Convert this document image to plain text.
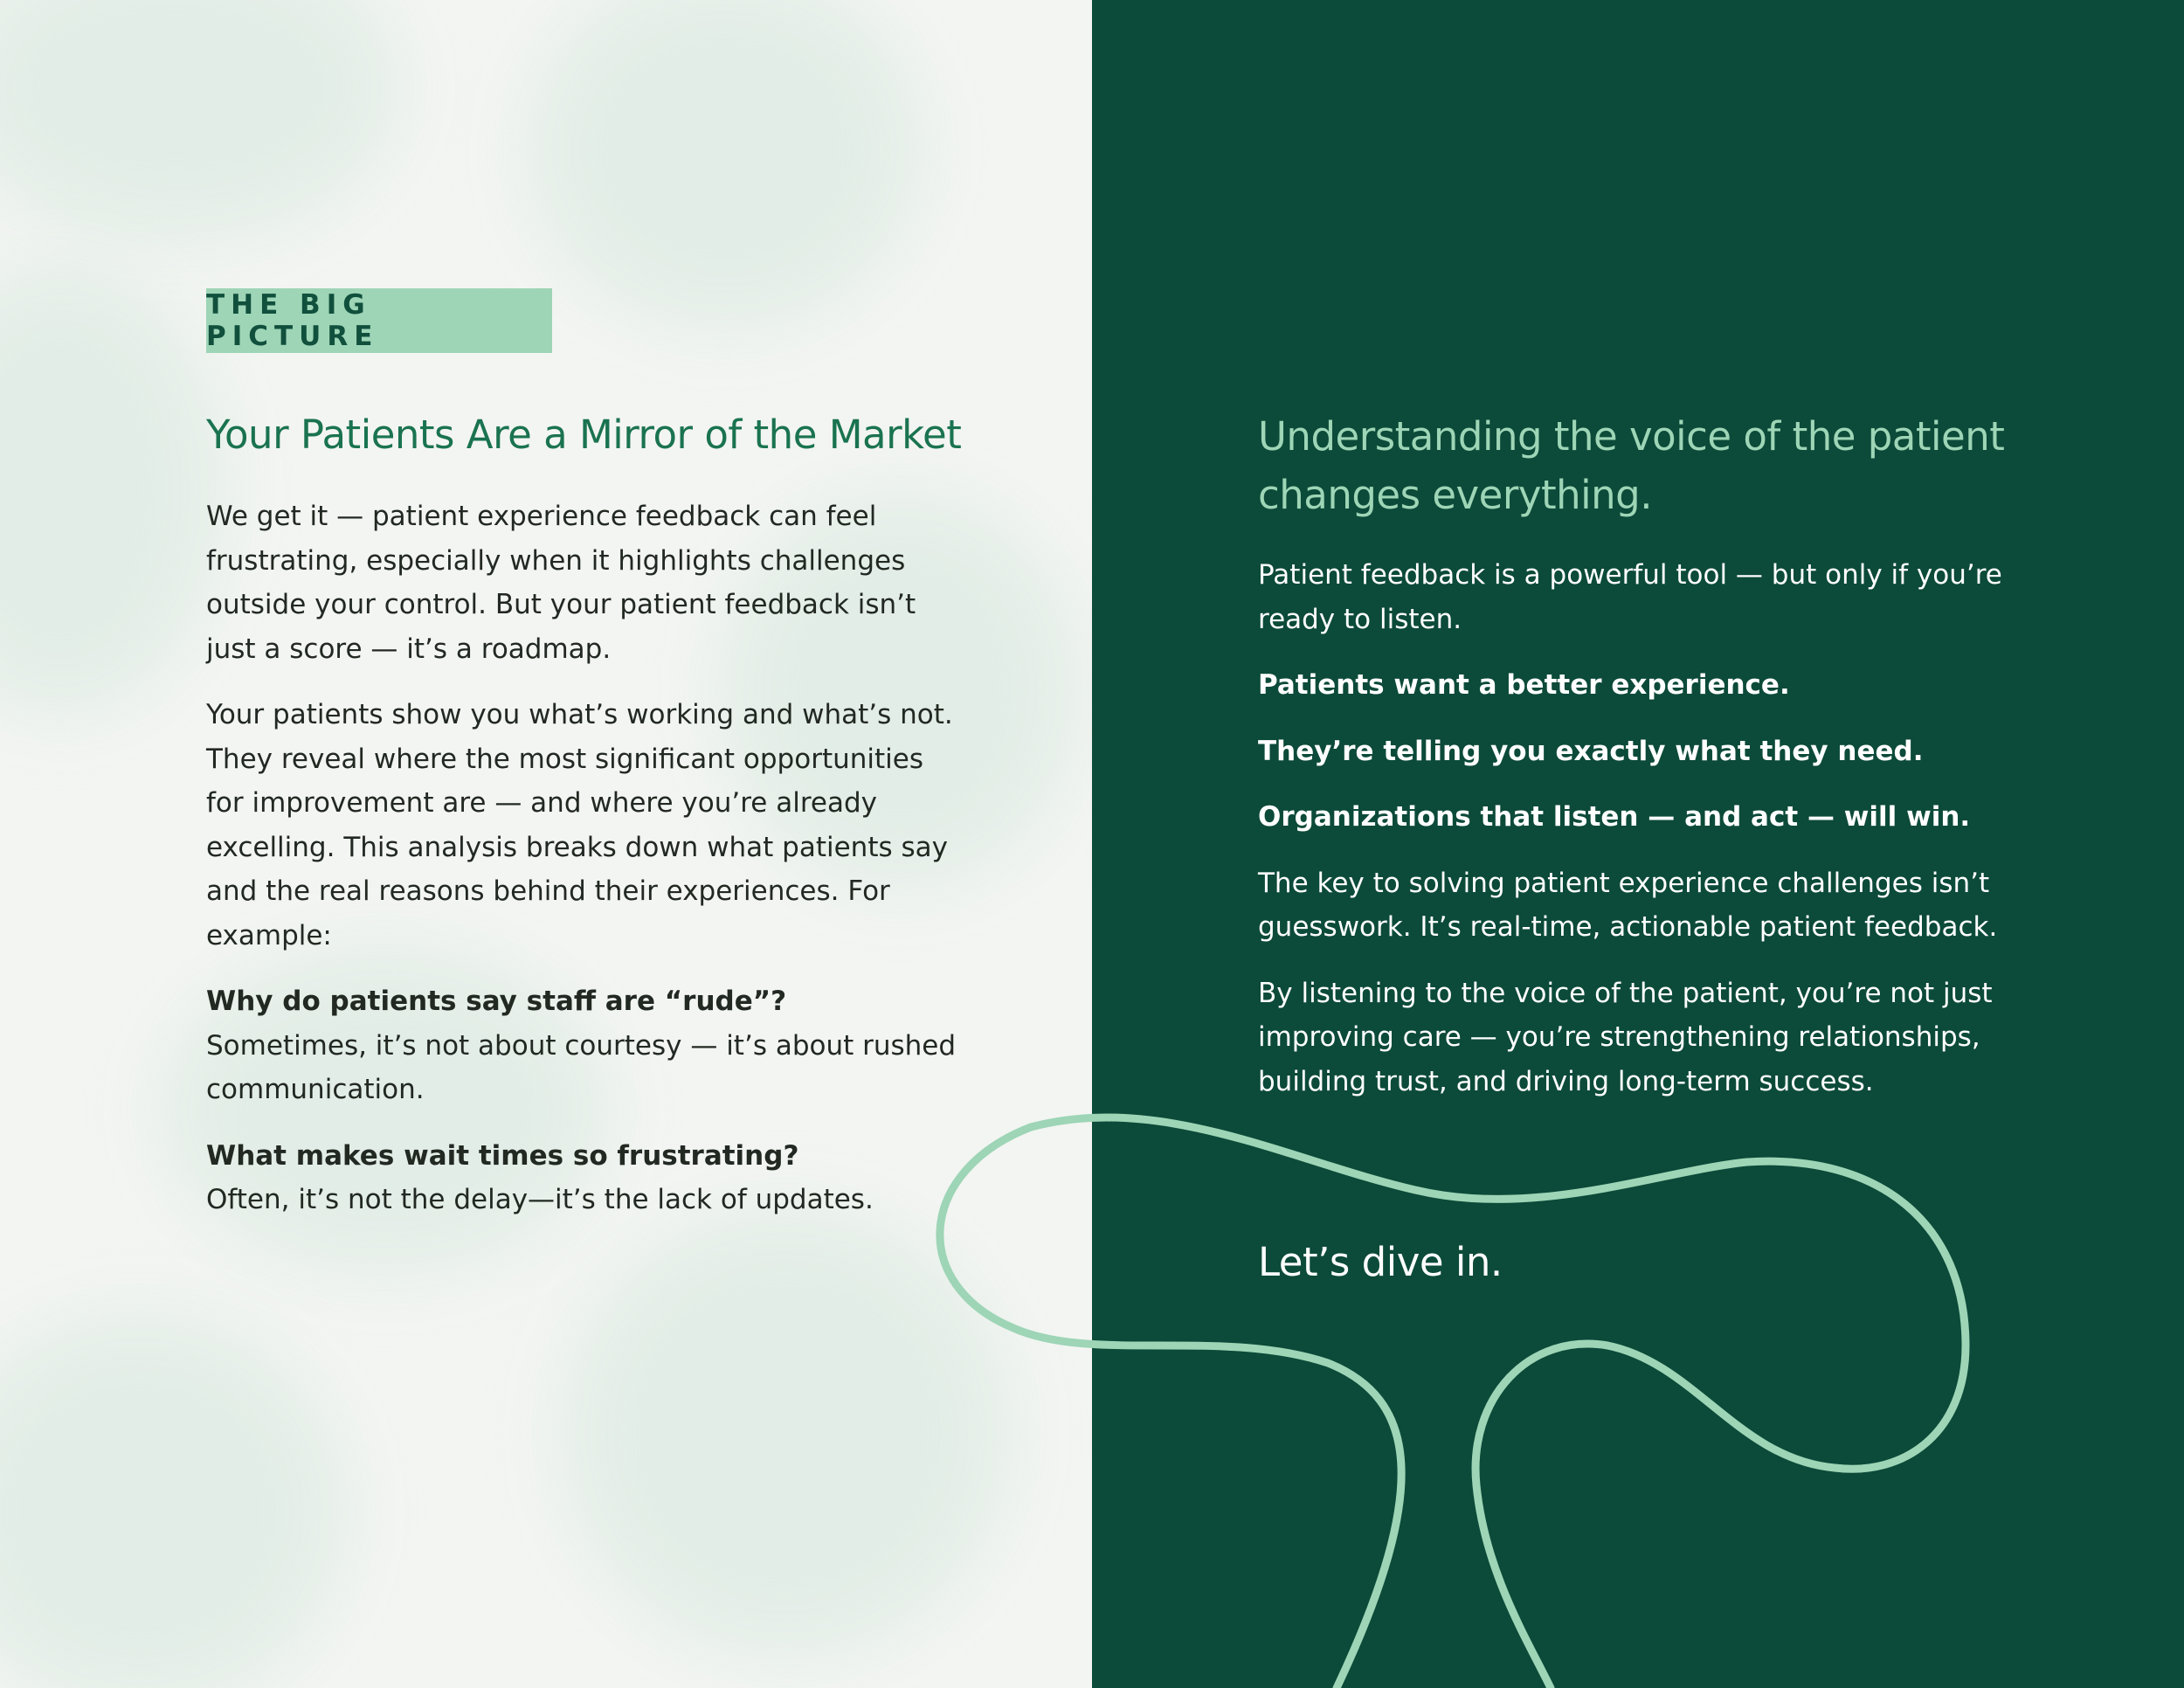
THE BIG PICTURE
Your Patients Are a Mirror of the Market

We get it — patient experience feedback can feel frustrating, especially when it highlights challenges outside your control. But your patient feedback isn’t just a score — it’s a roadmap.

Your patients show you what’s working and what’s not. They reveal where the most significant opportunities for improvement are — and where you’re already excelling. This analysis breaks down what patients say and the real reasons behind their experiences. For example:

Why do patients say staff are “rude”?
Sometimes, it’s not about courtesy — it’s about rushed communication.

What makes wait times so frustrating?
Often, it’s not the delay—it’s the lack of updates.

Understanding the voice of the patient changes everything.

Patient feedback is a powerful tool — but only if you’re ready to listen.

Patients want a better experience.

They’re telling you exactly what they need.

Organizations that listen — and act — will win.

The key to solving patient experience challenges isn’t guesswork. It’s real-time, actionable patient feedback.

By listening to the voice of the patient, you’re not just improving care — you’re strengthening relationships, building trust, and driving long-term success.

Let’s dive in.
